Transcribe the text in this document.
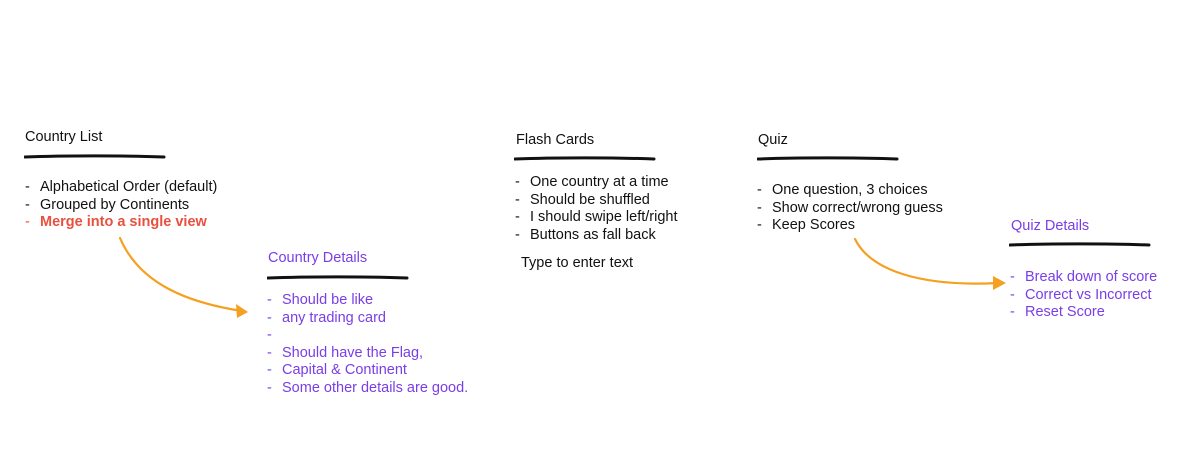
Country List
- Alphabetical Order (default)
- Grouped by Continents
- Merge into a single view
Country Details
- Should be like
- any trading card
-
- Should have the Flag,
- Capital & Continent
- Some other details are good.
Flash Cards
- One country at a time
- Should be shuffled
- I should swipe left/right
- Buttons as fall back
Type to enter text
Quiz
- One question, 3 choices
- Show correct/wrong guess
- Keep Scores	Quiz Details
- Break down of score
- Correct vs Incorrect
- Reset Score
